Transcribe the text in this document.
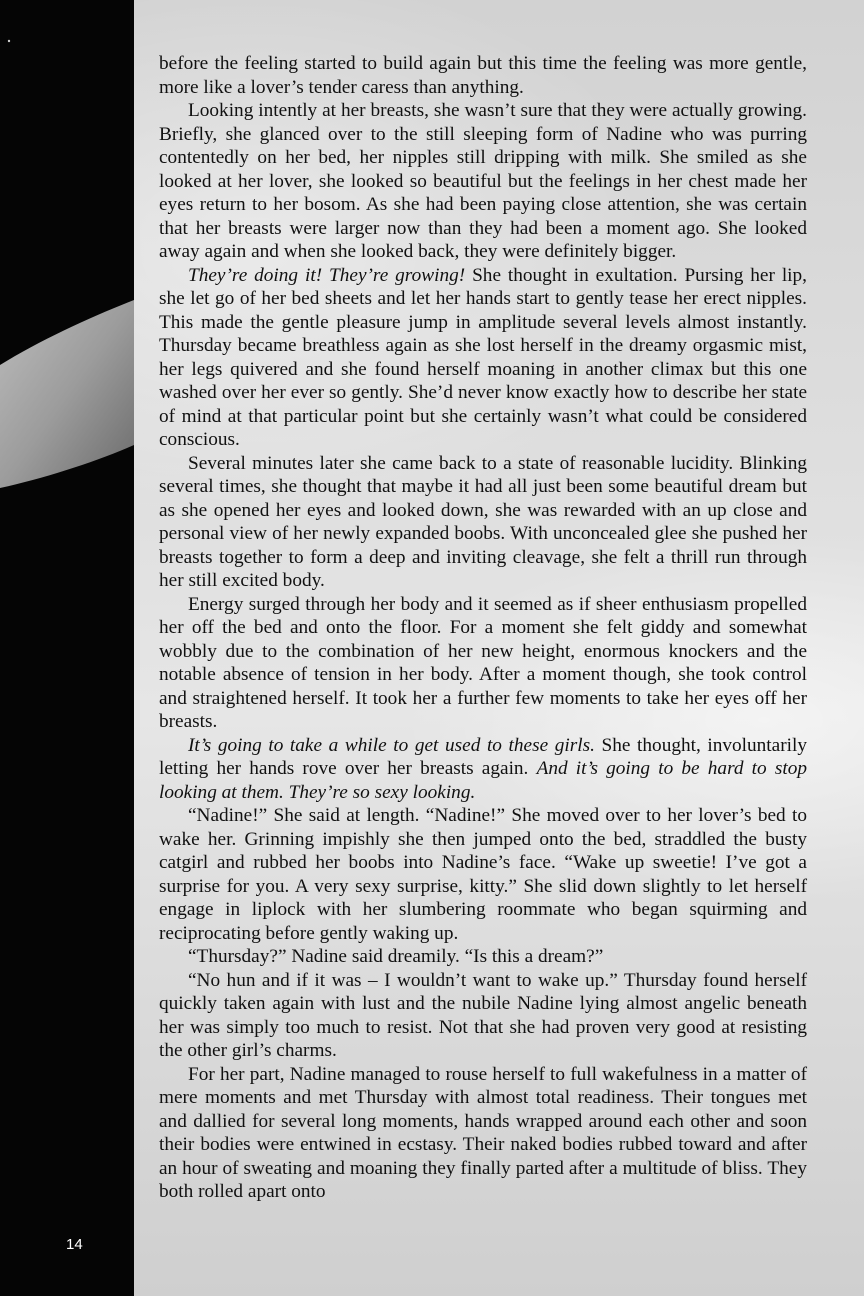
14

before the feeling started to build again but this time the feeling was more gentle, more like a lover’s tender caress than anything.

Looking intently at her breasts, she wasn’t sure that they were actually growing. Briefly, she glanced over to the still sleeping form of Nadine who was purring contentedly on her bed, her nipples still dripping with milk. She smiled as she looked at her lover, she looked so beautiful but the feelings in her chest made her eyes return to her bosom. As she had been paying close attention, she was certain that her breasts were larger now than they had been a moment ago. She looked away again and when she looked back, they were definitely bigger.

They’re doing it! They’re growing! She thought in exultation. Pursing her lip, she let go of her bed sheets and let her hands start to gently tease her erect nipples. This made the gentle pleasure jump in amplitude several levels almost instantly. Thursday became breathless again as she lost herself in the dreamy orgasmic mist, her legs quivered and she found herself moaning in another climax but this one washed over her ever so gently. She’d never know exactly how to describe her state of mind at that particular point but she certainly wasn’t what could be considered conscious.

Several minutes later she came back to a state of reasonable lucidity. Blinking several times, she thought that maybe it had all just been some beautiful dream but as she opened her eyes and looked down, she was rewarded with an up close and personal view of her newly expanded boobs. With unconcealed glee she pushed her breasts together to form a deep and inviting cleavage, she felt a thrill run through her still excited body.

Energy surged through her body and it seemed as if sheer enthusiasm propelled her off the bed and onto the floor. For a moment she felt giddy and somewhat wobbly due to the combination of her new height, enormous knockers and the notable absence of tension in her body. After a moment though, she took control and straightened herself. It took her a further few moments to take her eyes off her breasts.

It’s going to take a while to get used to these girls. She thought, involuntarily letting her hands rove over her breasts again. And it’s going to be hard to stop looking at them. They’re so sexy looking.

“Nadine!” She said at length. “Nadine!” She moved over to her lover’s bed to wake her. Grinning impishly she then jumped onto the bed, straddled the busty catgirl and rubbed her boobs into Nadine’s face. “Wake up sweetie! I’ve got a surprise for you. A very sexy surprise, kitty.” She slid down slightly to let herself engage in liplock with her slumbering roommate who began squirming and reciprocating before gently waking up.

“Thursday?” Nadine said dreamily. “Is this a dream?”

“No hun and if it was – I wouldn’t want to wake up.” Thursday found herself quickly taken again with lust and the nubile Nadine lying almost angelic beneath her was simply too much to resist. Not that she had proven very good at resisting the other girl’s charms.

For her part, Nadine managed to rouse herself to full wakefulness in a matter of mere moments and met Thursday with almost total readiness. Their tongues met and dallied for several long moments, hands wrapped around each other and soon their bodies were entwined in ecstasy. Their naked bodies rubbed toward and after an hour of sweating and moaning they finally parted after a multitude of bliss. They both rolled apart onto
